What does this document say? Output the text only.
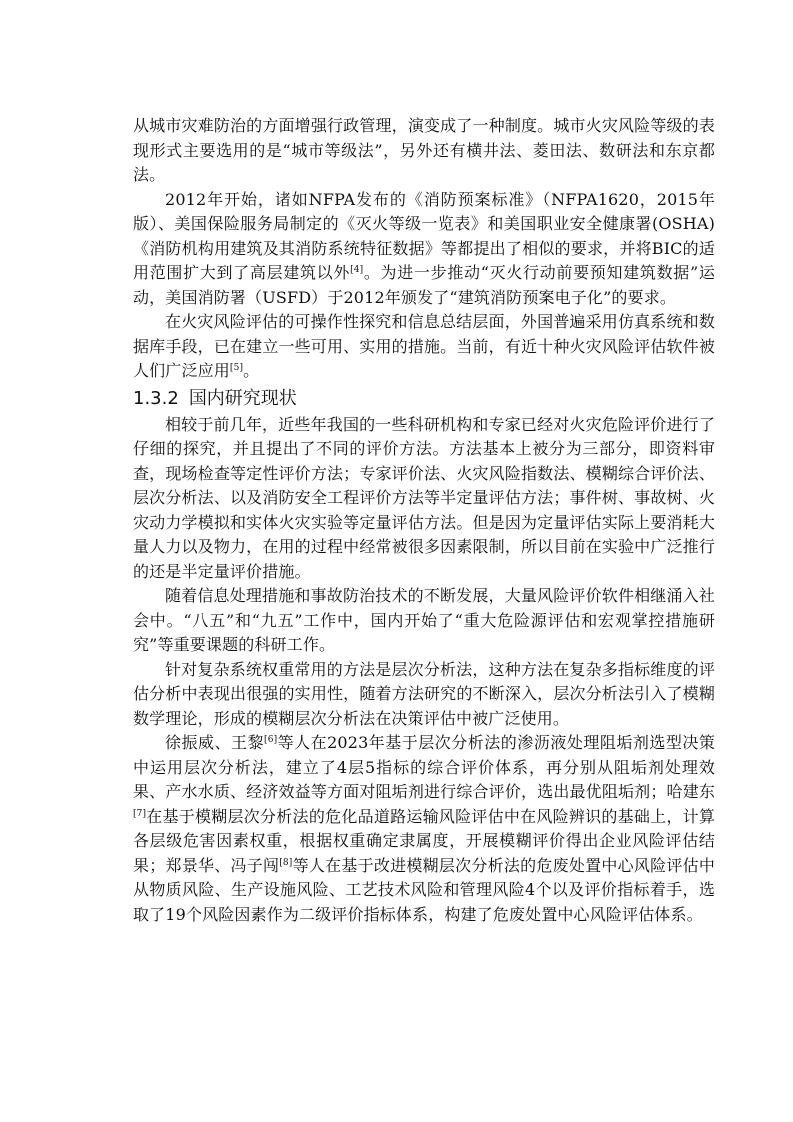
从城市灾难防治的方面增强行政管理，演变成了一种制度。城市火灾风险等级的表现形式主要选用的是“城市等级法”，另外还有横井法、菱田法、数研法和东京都法。

2012年开始，诸如NFPA发布的《消防预案标准》（NFPA1620，2015年版）、美国保险服务局制定的《灭火等级一览表》和美国职业安全健康署(OSHA)《消防机构用建筑及其消防系统特征数据》等都提出了相似的要求，并将BIC的适用范围扩大到了高层建筑以外[4]。为进一步推动“灭火行动前要预知建筑数据”运动，美国消防署（USFD）于2012年颁发了“建筑消防预案电子化”的要求。

在火灾风险评估的可操作性探究和信息总结层面，外国普遍采用仿真系统和数据库手段，已在建立一些可用、实用的措施。当前，有近十种火灾风险评估软件被人们广泛应用[5]。

1.3.2 国内研究现状

相较于前几年，近些年我国的一些科研机构和专家已经对火灾危险评价进行了仔细的探究，并且提出了不同的评价方法。方法基本上被分为三部分，即资料审查，现场检查等定性评价方法；专家评价法、火灾风险指数法、模糊综合评价法、层次分析法、以及消防安全工程评价方法等半定量评估方法；事件树、事故树、火灾动力学模拟和实体火灾实验等定量评估方法。但是因为定量评估实际上要消耗大量人力以及物力，在用的过程中经常被很多因素限制，所以目前在实验中广泛推行的还是半定量评价措施。

随着信息处理措施和事故防治技术的不断发展，大量风险评价软件相继涌入社会中。“八五”和“九五”工作中，国内开始了“重大危险源评估和宏观掌控措施研究”等重要课题的科研工作。

针对复杂系统权重常用的方法是层次分析法，这种方法在复杂多指标维度的评估分析中表现出很强的实用性，随着方法研究的不断深入，层次分析法引入了模糊数学理论，形成的模糊层次分析法在决策评估中被广泛使用。

徐振威、王黎[6]等人在2023年基于层次分析法的渗沥液处理阻垢剂选型决策中运用层次分析法，建立了4层5指标的综合评价体系，再分别从阻垢剂处理效果、产水水质、经济效益等方面对阻垢剂进行综合评价，选出最优阻垢剂；哈建东[7]在基于模糊层次分析法的危化品道路运输风险评估中在风险辨识的基础上，计算各层级危害因素权重，根据权重确定隶属度，开展模糊评价得出企业风险评估结果；郑景华、冯子闯[8]等人在基于改进模糊层次分析法的危废处置中心风险评估中从物质风险、生产设施风险、工艺技术风险和管理风险4个以及评价指标着手，选取了19个风险因素作为二级评价指标体系，构建了危废处置中心风险评估体系。
